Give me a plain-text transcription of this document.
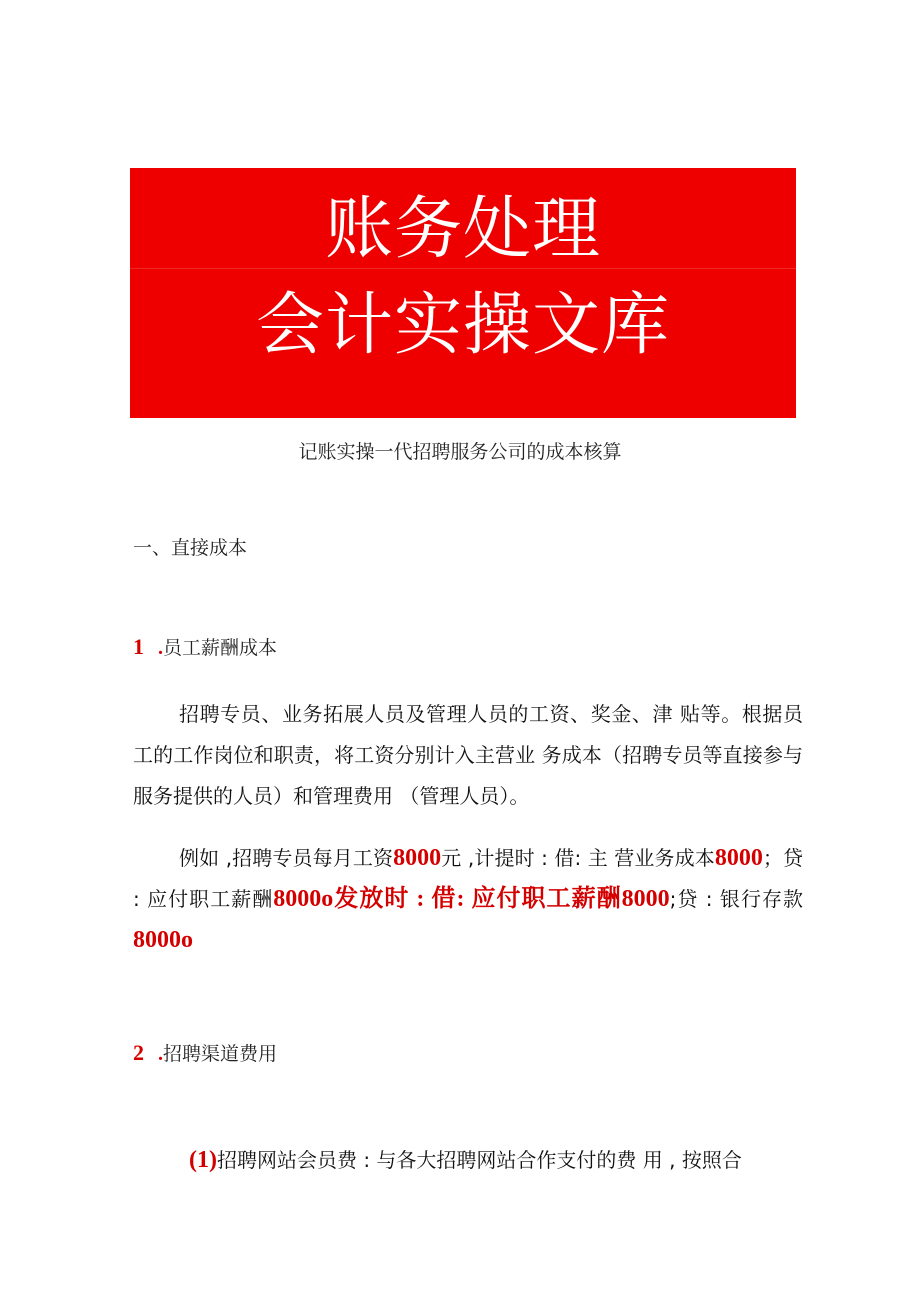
账务处理
会计实操文库
记账实操一代招聘服务公司的成本核算
一、直接成本
1 .员工薪酬成本

招聘专员、业务拓展人员及管理人员的工资、奖金、津 贴等。根据员工的工作岗位和职责，将工资分别计入主营业 务成本（招聘专员等直接参与服务提供的人员）和管理费用 （管理人员）。

例如 ,招聘专员每月工资8000元 ,计提时 : 借: 主 营业务成本8000；贷 : 应付职工薪酬8000o发放时 : 借: 应付职工薪酬8000;贷 : 银行存款8000o

2 .招聘渠道费用
(1)招聘网站会员费 : 与各大招聘网站合作支付的费 用 , 按照合
